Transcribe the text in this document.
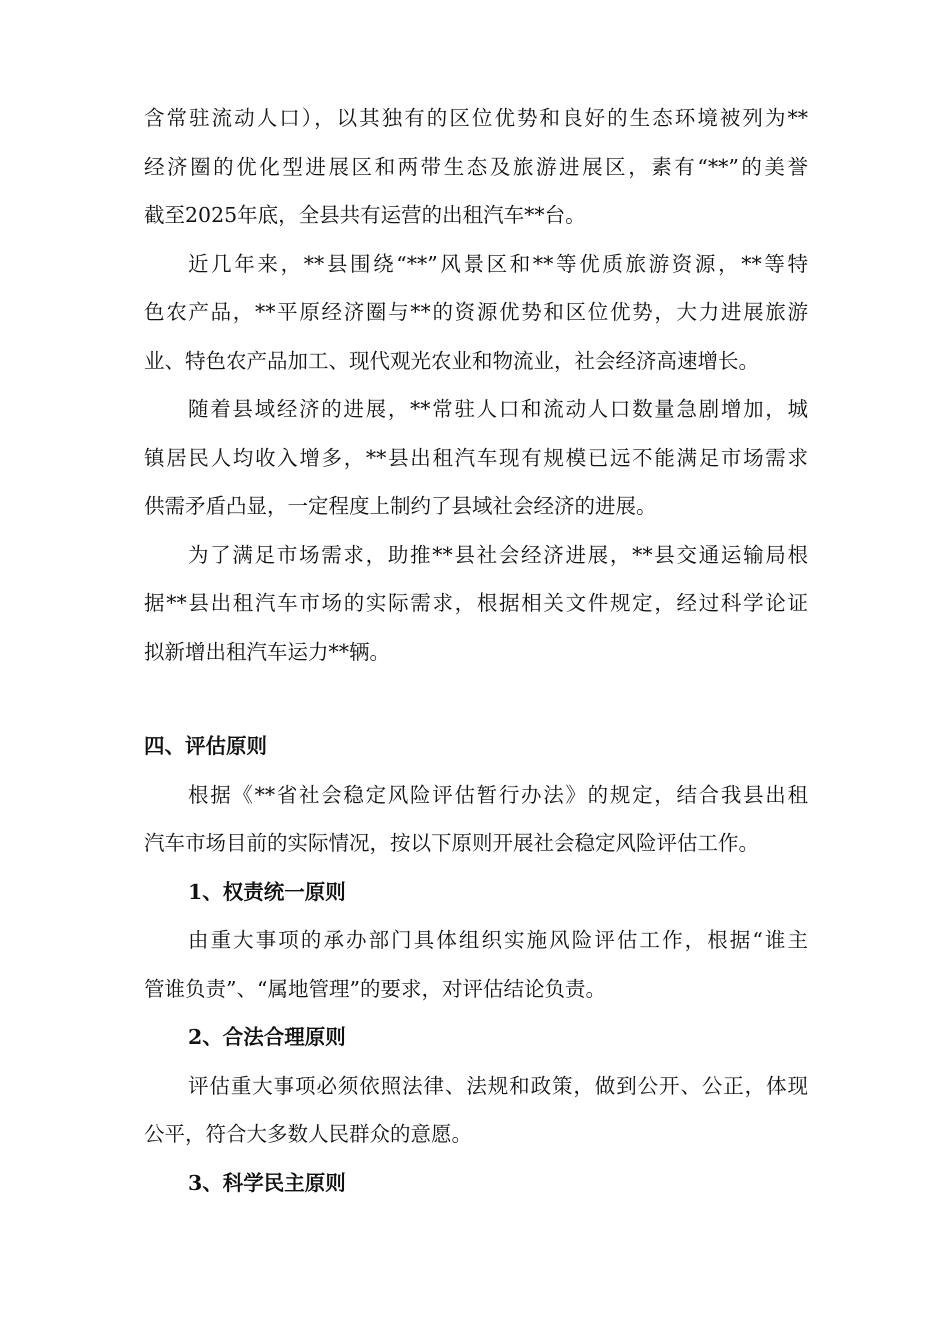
含常驻流动人口），以其独有的区位优势和良好的生态环境被列为**
经济圈的优化型进展区和两带生态及旅游进展区，素有“**”的美誉
截至2025年底，全县共有运营的出租汽车**台。
近几年来，**县围绕“**”风景区和**等优质旅游资源，**等特
色农产品，**平原经济圈与**的资源优势和区位优势，大力进展旅游
业、特色农产品加工、现代观光农业和物流业，社会经济高速增长。
随着县域经济的进展，**常驻人口和流动人口数量急剧增加，城
镇居民人均收入增多，**县出租汽车现有规模已远不能满足市场需求
供需矛盾凸显，一定程度上制约了县域社会经济的进展。
为了满足市场需求，助推**县社会经济进展，**县交通运输局根
据**县出租汽车市场的实际需求，根据相关文件规定，经过科学论证
拟新增出租汽车运力**辆。
四、评估原则
根据《**省社会稳定风险评估暂行办法》的规定，结合我县出租
汽车市场目前的实际情况，按以下原则开展社会稳定风险评估工作。
1、权责统一原则
由重大事项的承办部门具体组织实施风险评估工作，根据“谁主
管谁负责”、“属地管理”的要求，对评估结论负责。
2、合法合理原则
评估重大事项必须依照法律、法规和政策，做到公开、公正，体现
公平，符合大多数人民群众的意愿。
3、科学民主原则
